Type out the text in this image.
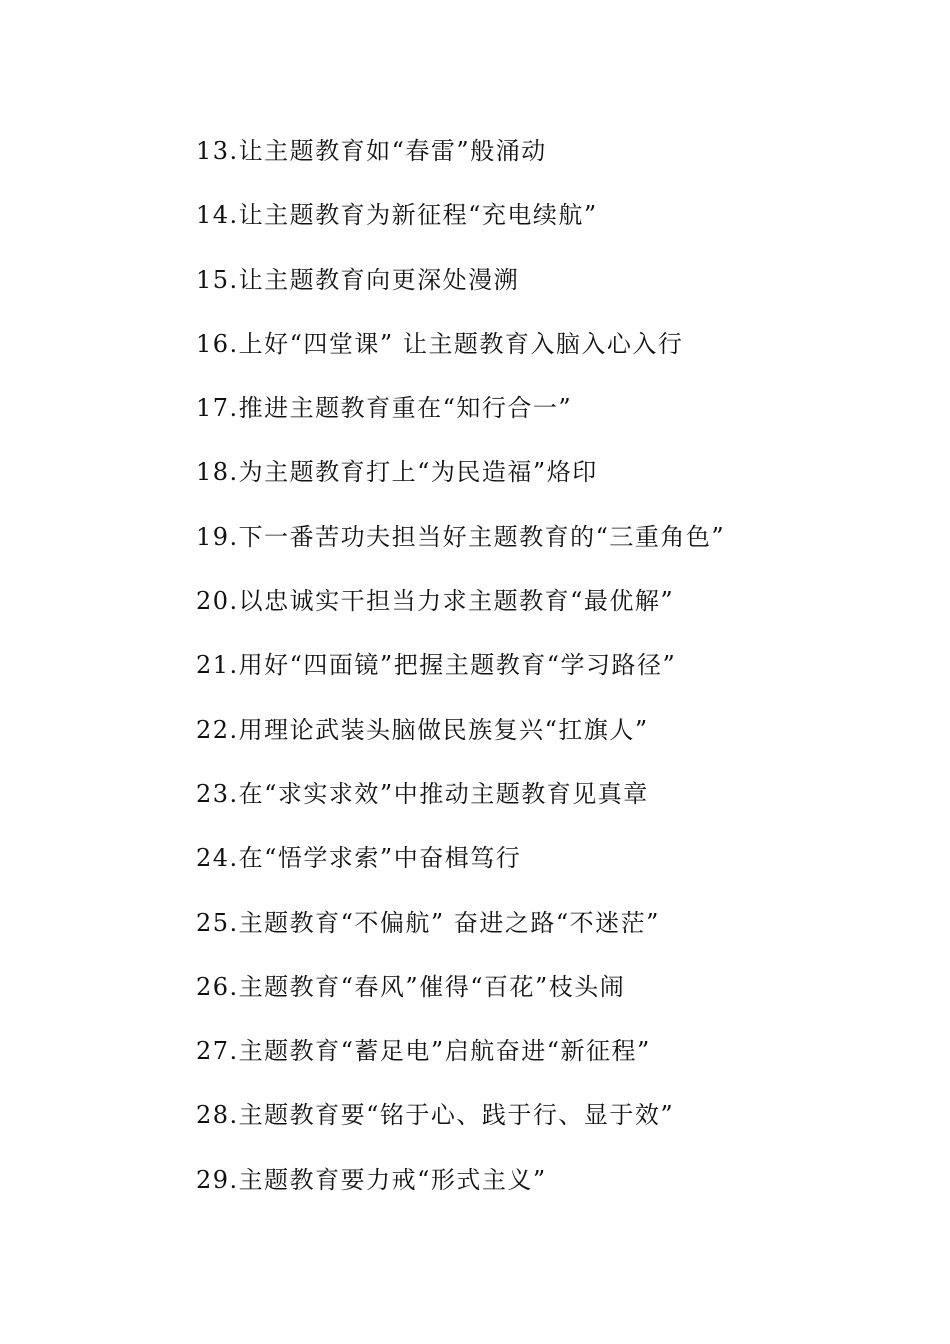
13.让主题教育如“春雷”般涌动
14.让主题教育为新征程“充电续航”
15.让主题教育向更深处漫溯
16.上好“四堂课” 让主题教育入脑入心入行
17.推进主题教育重在“知行合一”
18.为主题教育打上“为民造福”烙印
19.下一番苦功夫担当好主题教育的“三重角色”
20.以忠诚实干担当力求主题教育“最优解”
21.用好“四面镜”把握主题教育“学习路径”
22.用理论武装头脑做民族复兴“扛旗人”
23.在“求实求效”中推动主题教育见真章
24.在“悟学求索”中奋楫笃行
25.主题教育“不偏航” 奋进之路“不迷茫”
26.主题教育“春风”催得“百花”枝头闹
27.主题教育“蓄足电”启航奋进“新征程”
28.主题教育要“铭于心、践于行、显于效”
29.主题教育要力戒“形式主义”
